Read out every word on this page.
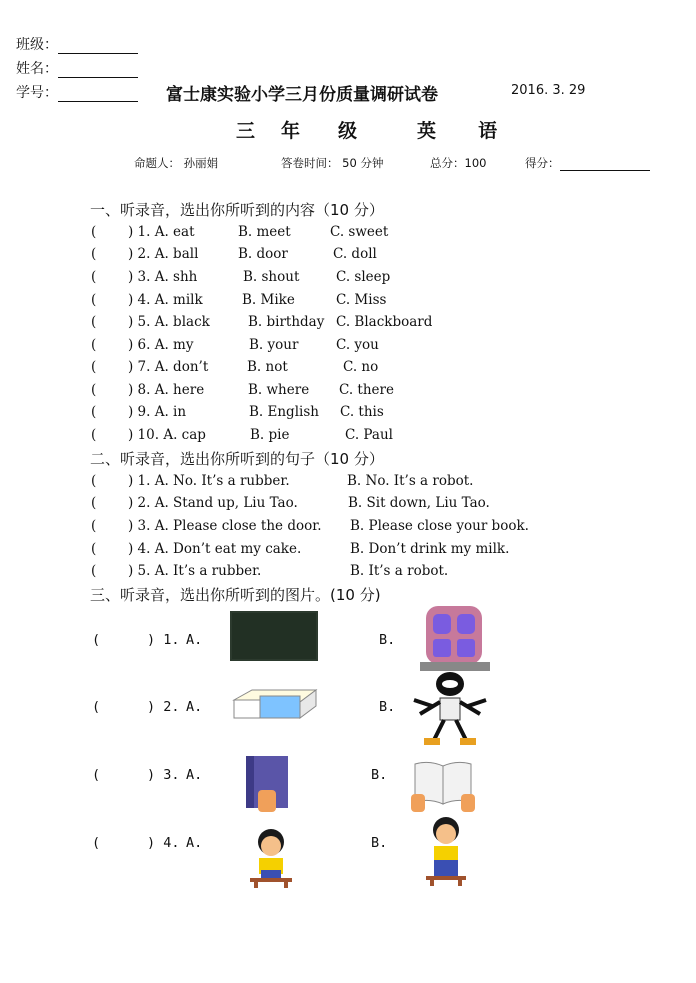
班级：
姓名：
学号：	富士康实验小学三月份质量调研试卷	2016. 3. 29
三 年 级	英 语
命题人： 孙丽娟	答卷时间： 50 分钟	总分：100	得分：
一、听录音，选出你所听到的内容（10 分）
( ) 1. A. eat	B. meet	C. sweet
( ) 2. A. ball	B. door	C. doll
( ) 3. A. shh	B. shout	C. sleep
( ) 4. A. milk	B. Mike	C. Miss
( ) 5. A. black	B. birthday C. Blackboard
( ) 6. A. my	B. your	C. you
( ) 7. A. don’t	B. not	C. no
( ) 8. A. here	B. where C. there
( ) 9. A. in	B. English C. this
( ) 10. A. cap	B. pie	C. Paul
二、听录音，选出你所听到的句子（10 分）
( ) 1. A. No. It’s a rubber.	B. No. It’s a robot.
( ) 2. A. Stand up, Liu Tao.	B. Sit down, Liu Tao.
( ) 3. A. Please close the door. B. Please close your book.
( ) 4. A. Don’t eat my cake.	B. Don’t drink my milk.
( ) 5. A. It’s a rubber.	B. It’s a robot.
三、听录音，选出你所听到的图片。(10 分)
(	) 1. A.	B.
(	) 2. A.	B.
(	) 3. A.	B.
(	) 4. A.	B.
